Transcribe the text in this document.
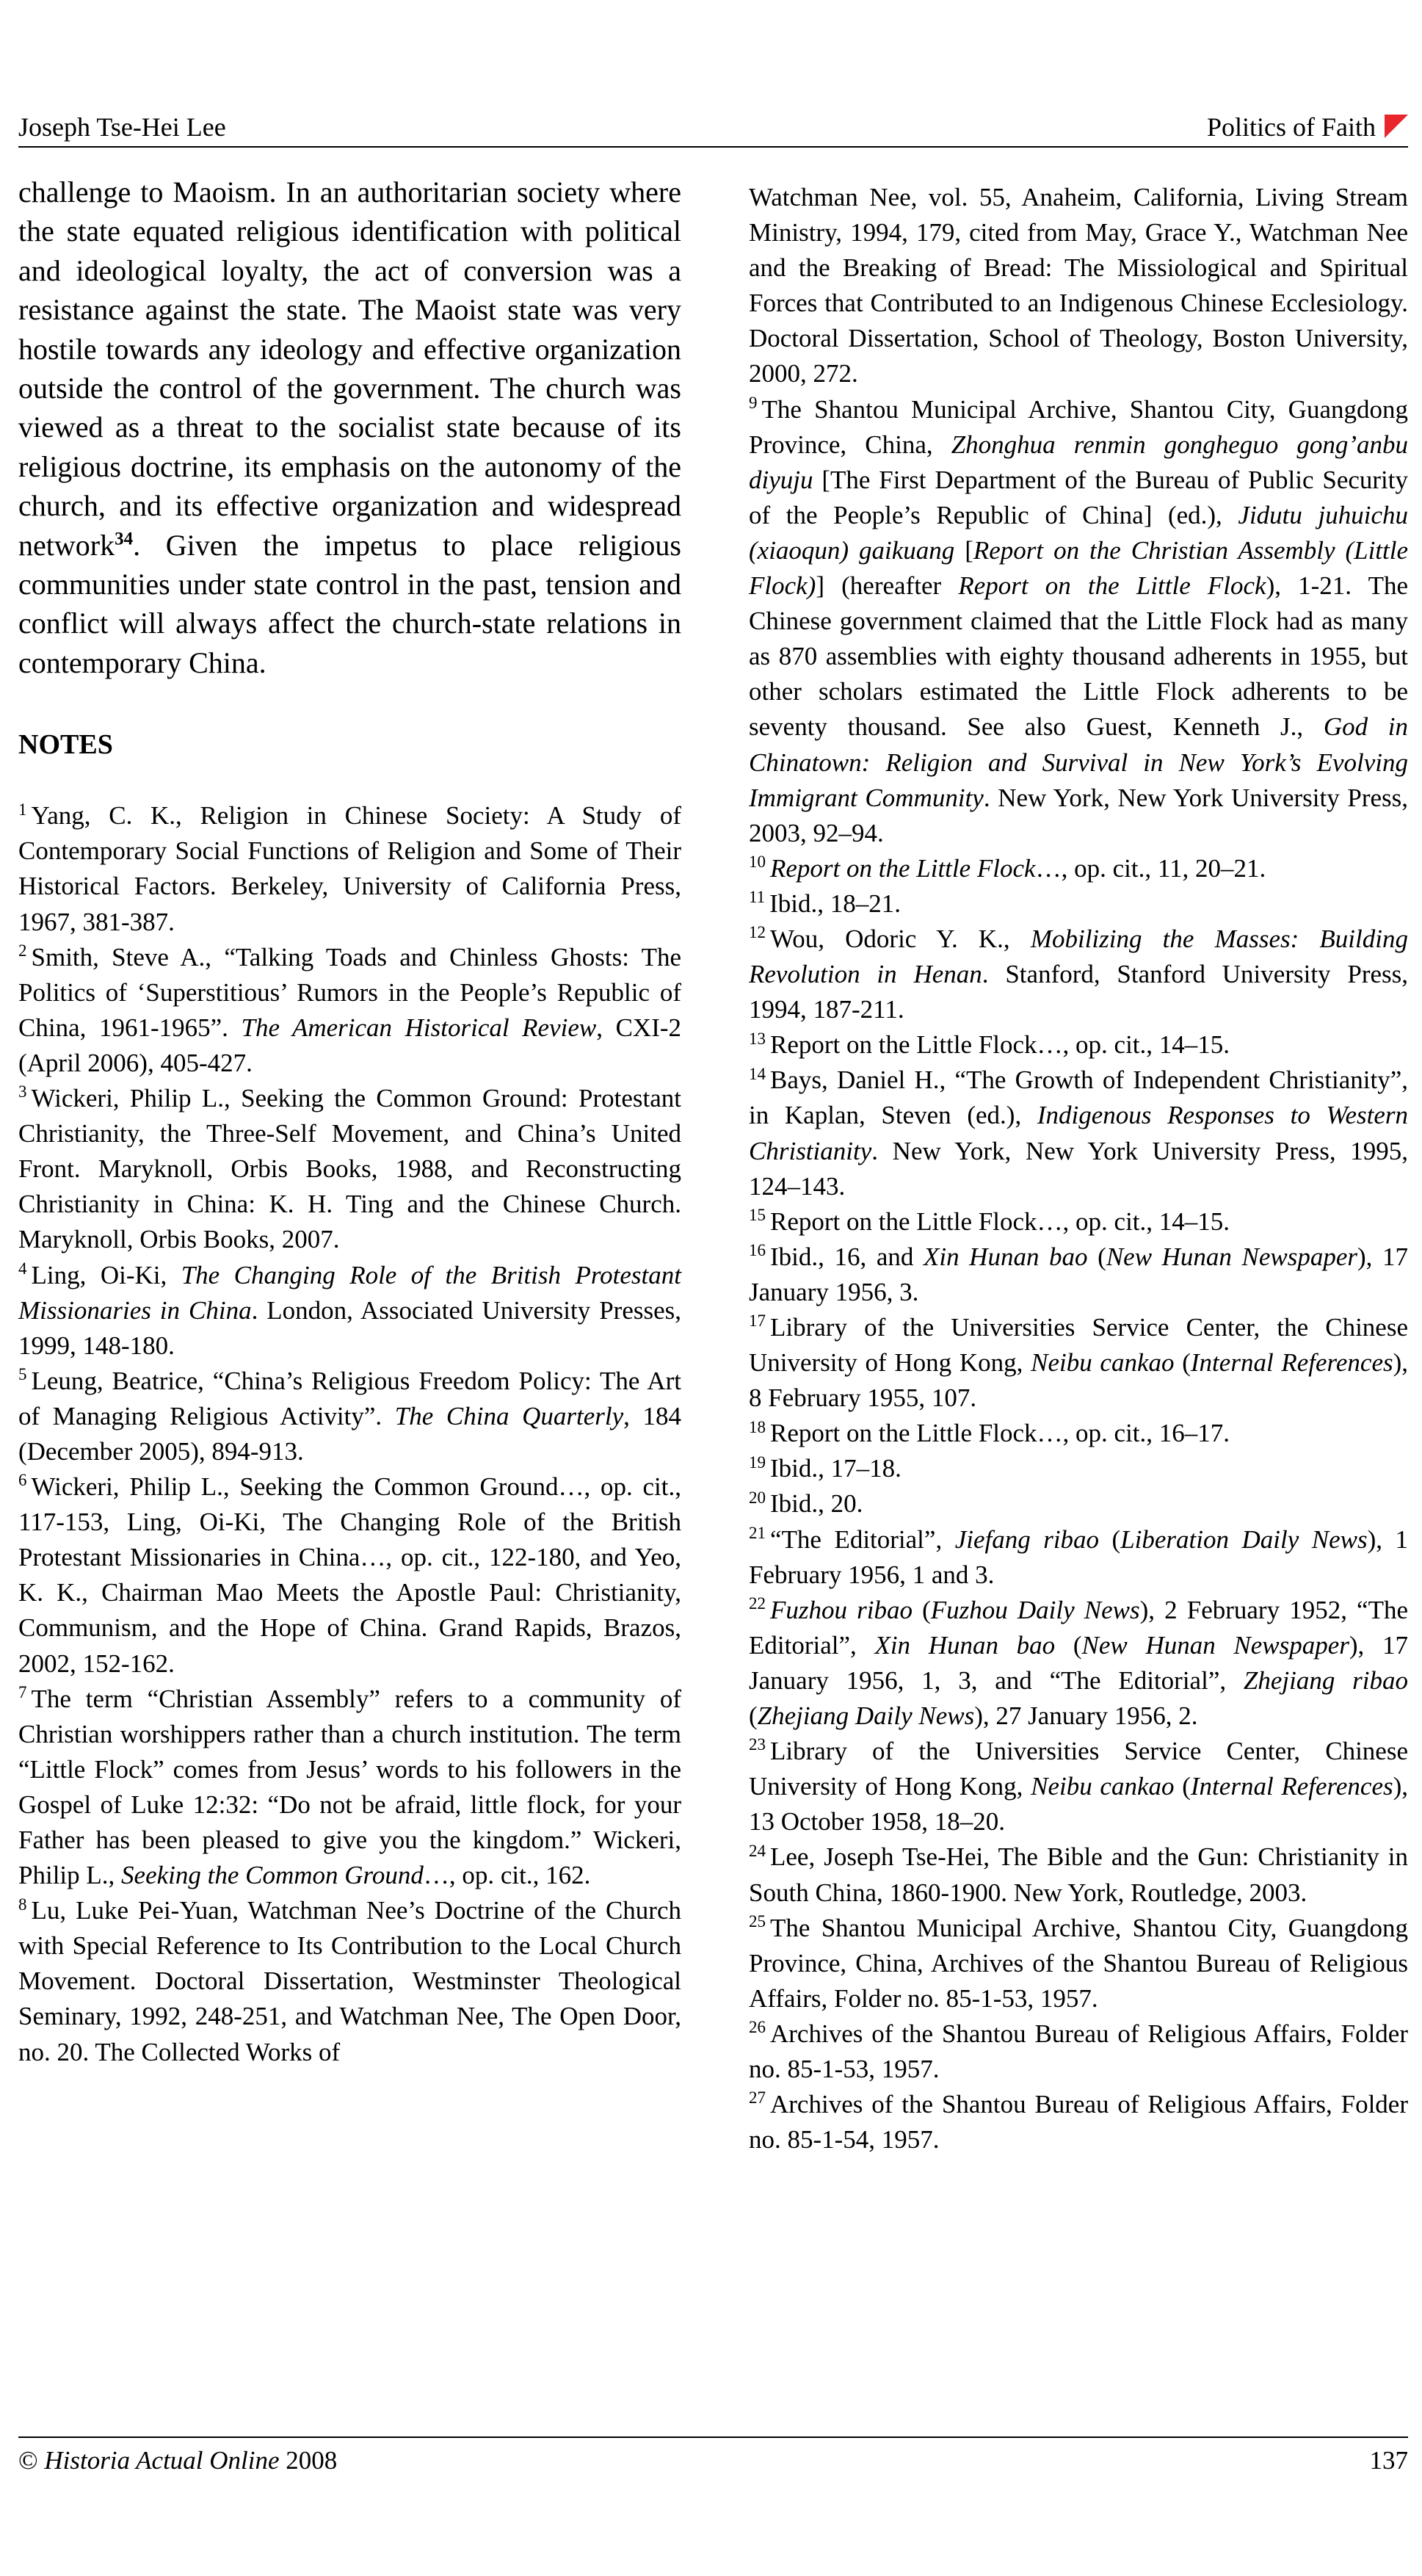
Joseph Tse-Hei Lee	Politics of Faith

challenge to Maoism. In an authoritarian society where the state equated religious identification with political and ideological loyalty, the act of conversion was a resistance against the state. The Maoist state was very hostile towards any ideology and effective organization outside the control of the government. The church was viewed as a threat to the socialist state because of its religious doctrine, its emphasis on the autonomy of the church, and its effective organization and widespread network$^{34}$. Given the impetus to place religious communities under state control in the past, tension and conflict will always affect the church-state relations in contemporary China.

NOTES

$^1$ Yang, C. K., Religion in Chinese Society: A Study of Contemporary Social Functions of Religion and Some of Their Historical Factors. Berkeley, University of California Press, 1967, 381-387.

$^2$ Smith, Steve A., “Talking Toads and Chinless Ghosts: The Politics of ‘Superstitious’ Rumors in the People’s Republic of China, 1961-1965”. The American Historical Review, CXI-2 (April 2006), 405-427.

$^3$ Wickeri, Philip L., Seeking the Common Ground: Protestant Christianity, the Three-Self Movement, and China’s United Front. Maryknoll, Orbis Books, 1988, and Reconstructing Christianity in China: K. H. Ting and the Chinese Church. Maryknoll, Orbis Books, 2007.

$^4$ Ling, Oi-Ki, The Changing Role of the British Protestant Missionaries in China. London, Associated University Presses, 1999, 148-180.

$^5$ Leung, Beatrice, “China’s Religious Freedom Policy: The Art of Managing Religious Activity”. The China Quarterly, 184 (December 2005), 894-913.

$^6$ Wickeri, Philip L., Seeking the Common Ground…, op. cit., 117-153, Ling, Oi-Ki, The Changing Role of the British Protestant Missionaries in China…, op. cit., 122-180, and Yeo, K. K., Chairman Mao Meets the Apostle Paul: Christianity, Communism, and the Hope of China. Grand Rapids, Brazos, 2002, 152-162.

$^7$ The term “Christian Assembly” refers to a community of Christian worshippers rather than a church institution. The term “Little Flock” comes from Jesus’ words to his followers in the Gospel of Luke 12:32: “Do not be afraid, little flock, for your Father has been pleased to give you the kingdom.” Wickeri, Philip L., Seeking the Common Ground…, op. cit., 162.

$^8$ Lu, Luke Pei-Yuan, Watchman Nee’s Doctrine of the Church with Special Reference to Its Contribution to the Local Church Movement. Doctoral Dissertation, Westminster Theological Seminary, 1992, 248-251, and Watchman Nee, The Open Door, no. 20. The Collected Works of

Watchman Nee, vol. 55, Anaheim, California, Living Stream Ministry, 1994, 179, cited from May, Grace Y., Watchman Nee and the Breaking of Bread: The Missiological and Spiritual Forces that Contributed to an Indigenous Chinese Ecclesiology. Doctoral Dissertation, School of Theology, Boston University, 2000, 272.

$^9$ The Shantou Municipal Archive, Shantou City, Guangdong Province, China, Zhonghua renmin gongheguo gong’anbu diyuju [The First Department of the Bureau of Public Security of the People’s Republic of China] (ed.), Jidutu juhuichu (xiaoqun) gaikuang [Report on the Christian Assembly (Little Flock)] (hereafter Report on the Little Flock), 1-21. The Chinese government claimed that the Little Flock had as many as 870 assemblies with eighty thousand adherents in 1955, but other scholars estimated the Little Flock adherents to be seventy thousand. See also Guest, Kenneth J., God in Chinatown: Religion and Survival in New York’s Evolving Immigrant Community. New York, New York University Press, 2003, 92–94.

$^{10}$ Report on the Little Flock…, op. cit., 11, 20–21.

$^{11}$ Ibid., 18–21.

$^{12}$ Wou, Odoric Y. K., Mobilizing the Masses: Building Revolution in Henan. Stanford, Stanford University Press, 1994, 187-211.

$^{13}$ Report on the Little Flock…, op. cit., 14–15.

$^{14}$ Bays, Daniel H., “The Growth of Independent Christianity”, in Kaplan, Steven (ed.), Indigenous Responses to Western Christianity. New York, New York University Press, 1995, 124–143.

$^{15}$ Report on the Little Flock…, op. cit., 14–15.

$^{16}$ Ibid., 16, and Xin Hunan bao (New Hunan Newspaper), 17 January 1956, 3.

$^{17}$ Library of the Universities Service Center, the Chinese University of Hong Kong, Neibu cankao (Internal References), 8 February 1955, 107.

$^{18}$ Report on the Little Flock…, op. cit., 16–17.

$^{19}$ Ibid., 17–18.

$^{20}$ Ibid., 20.

$^{21}$ “The Editorial”, Jiefang ribao (Liberation Daily News), 1 February 1956, 1 and 3.

$^{22}$ Fuzhou ribao (Fuzhou Daily News), 2 February 1952, “The Editorial”, Xin Hunan bao (New Hunan Newspaper), 17 January 1956, 1, 3, and “The Editorial”, Zhejiang ribao (Zhejiang Daily News), 27 January 1956, 2.

$^{23}$ Library of the Universities Service Center, Chinese University of Hong Kong, Neibu cankao (Internal References), 13 October 1958, 18–20.

$^{24}$ Lee, Joseph Tse-Hei, The Bible and the Gun: Christianity in South China, 1860-1900. New York, Routledge, 2003.

$^{25}$ The Shantou Municipal Archive, Shantou City, Guangdong Province, China, Archives of the Shantou Bureau of Religious Affairs, Folder no. 85-1-53, 1957.

$^{26}$ Archives of the Shantou Bureau of Religious Affairs, Folder no. 85-1-53, 1957.

$^{27}$ Archives of the Shantou Bureau of Religious Affairs, Folder no. 85-1-54, 1957.

© Historia Actual Online 2008	137
